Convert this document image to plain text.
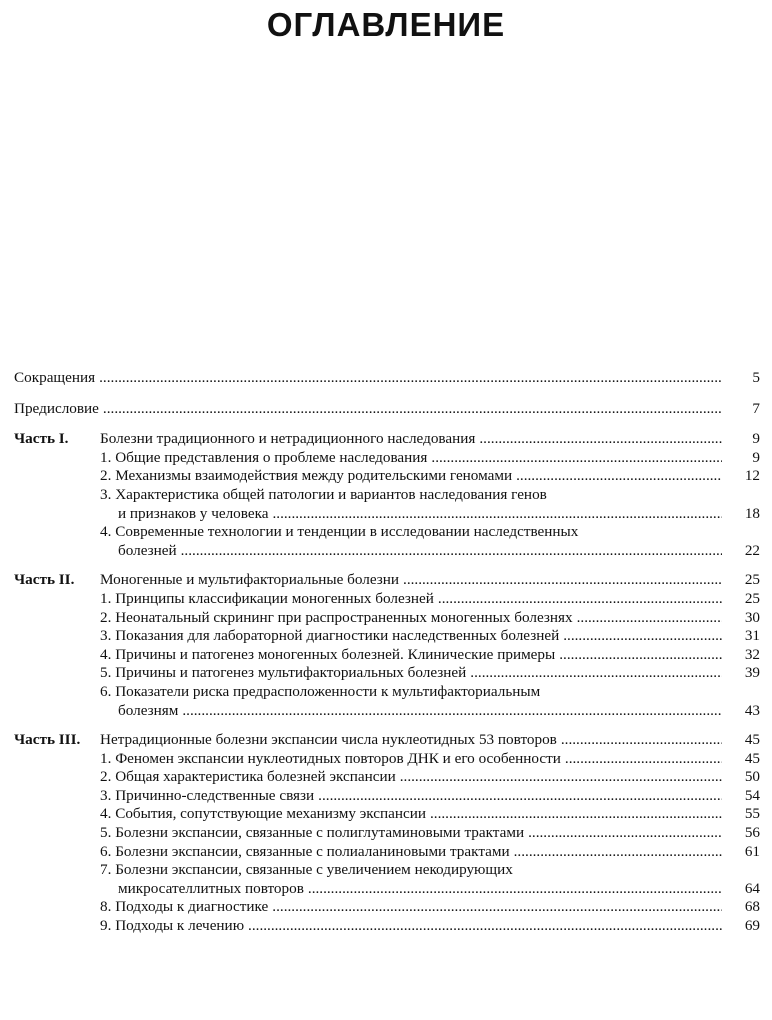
ОГЛАВЛЕНИЕ
Сокращения .....	5
Предисловие .....	7
Часть I.	Болезни традиционного и нетрадиционного наследования .....	9
1. Общие представления о проблеме наследования .....	9
2. Механизмы взаимодействия между родительскими геномами .....	12
3. Характеристика общей патологии и вариантов наследования генов
и признаков у человека .....	18
4. Современные технологии и тенденции в исследовании наследственных
болезней .....	22
Часть II.	Моногенные и мультифакториальные болезни .....	25
1. Принципы классификации моногенных болезней .....	25
2. Неонатальный скрининг при распространенных моногенных болезнях .....	30
3. Показания для лабораторной диагностики наследственных болезней .....	31
4. Причины и патогенез моногенных болезней. Клинические примеры .....	32
5. Причины и патогенез мультифакториальных болезней .....	39
6. Показатели риска предрасположенности к мультифакториальным
болезням .....	43
Часть III.	Нетрадиционные болезни экспансии числа нуклеотидных 53 повторов .....	45
1. Феномен экспансии нуклеотидных повторов ДНК и его особенности .....	45
2. Общая характеристика болезней экспансии .....	50
3. Причинно-следственные связи .....	54
4. События, сопутствующие механизму экспансии .....	55
5. Болезни экспансии, связанные с полиглутаминовыми трактами .....	56
6. Болезни экспансии, связанные с полиаланиновыми трактами .....	61
7. Болезни экспансии, связанные с увеличением некодирующих
микросателлитных повторов .....	64
8. Подходы к диагностике .....	68
9. Подходы к лечению .....	69
